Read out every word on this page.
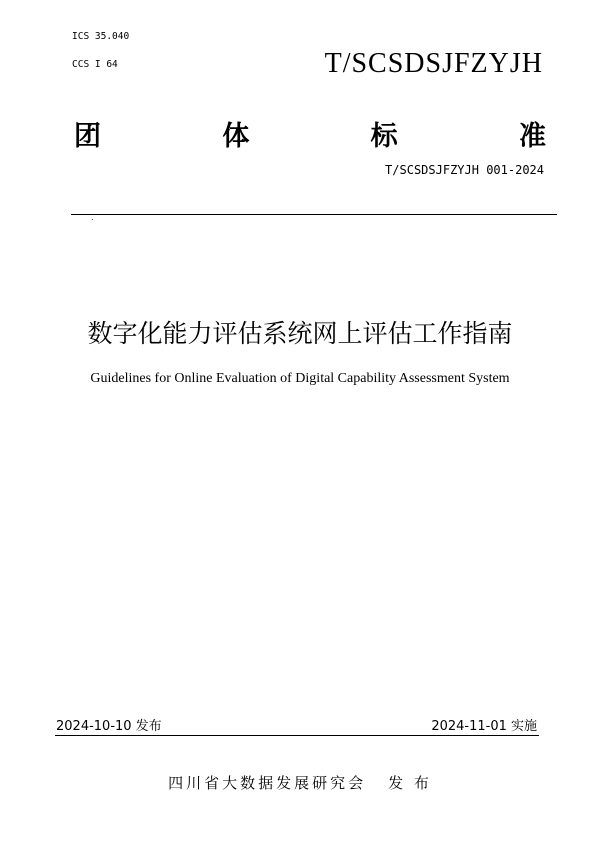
ICS 35.040
CCS I 64	T/SCSDSJFZYJH
团	体	标	准
T/SCSDSJFZYJH 001-2024
.
数字化能力评估系统网上评估工作指南
Guidelines for Online Evaluation of Digital Capability Assessment System
2024-10-10 发布	2024-11-01 实施
四川省大数据发展研究会 发 布
